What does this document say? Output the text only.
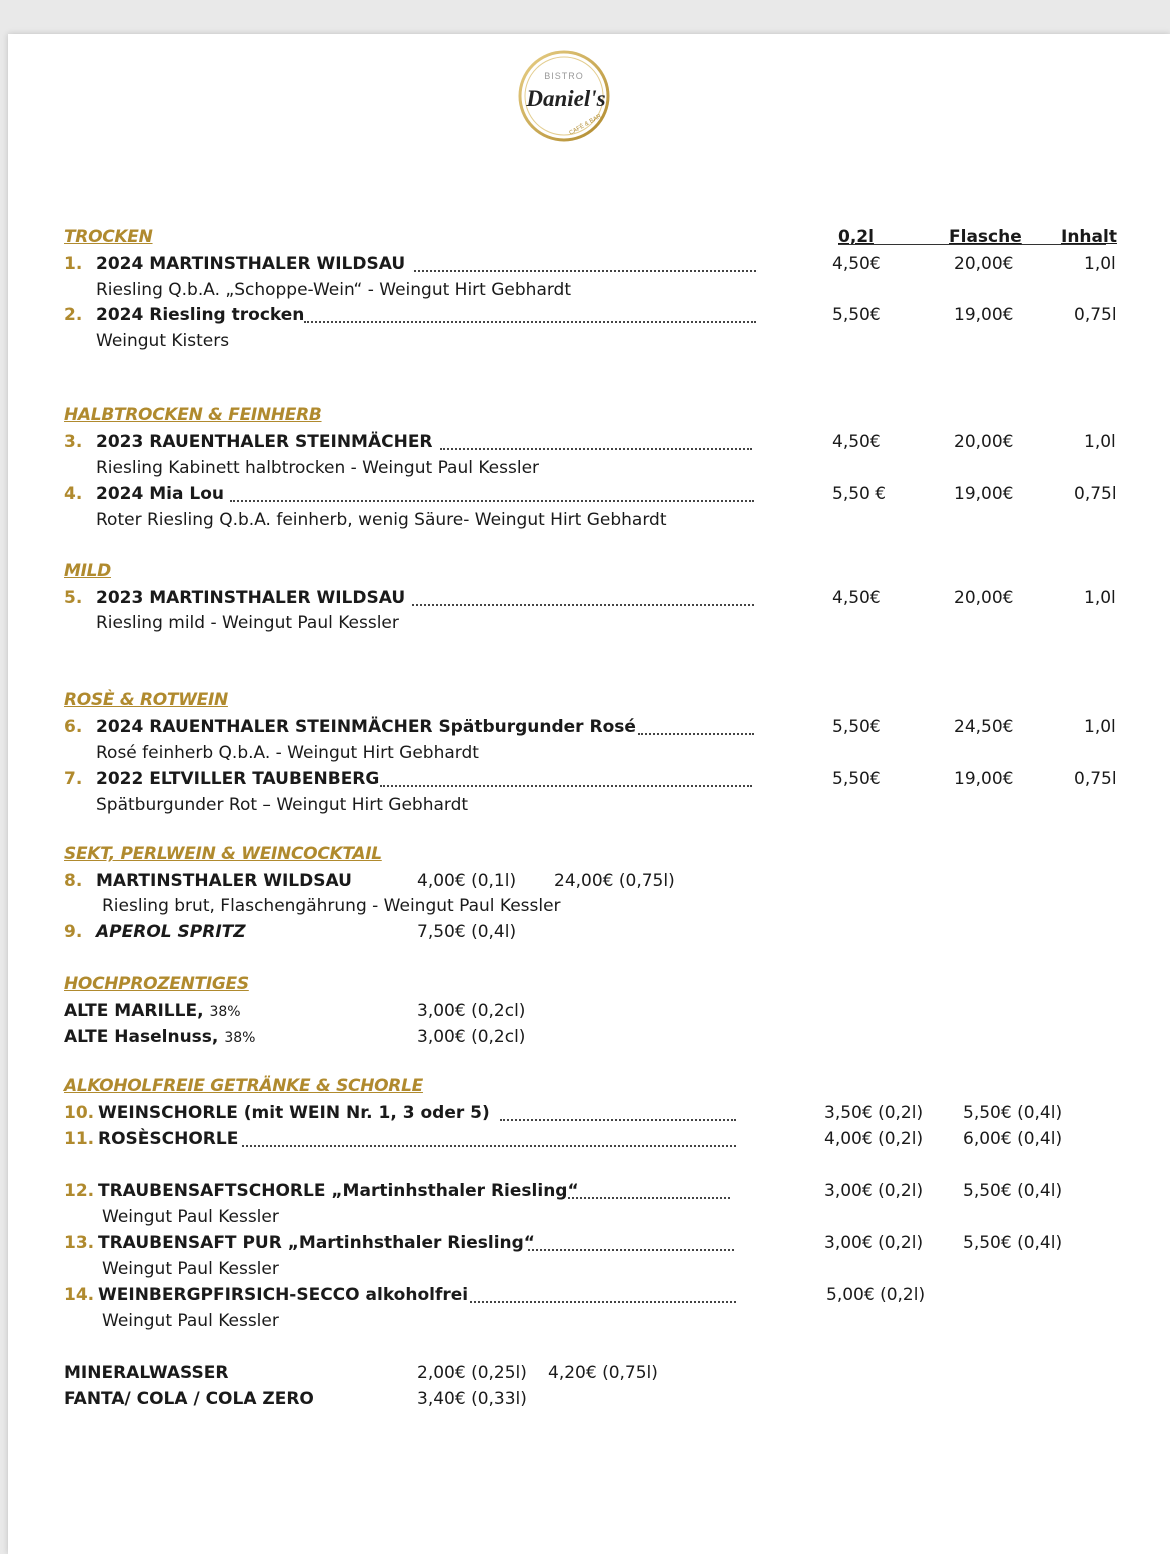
BISTRO
Daniel's
CAFÉ & BAR
0,2l	Flasche Inhalt
TROCKEN
1. 2024 MARTINSTHALER WILDSAU	4,50€	20,00€	1,0l
Riesling Q.b.A. „Schoppe-Wein“ - Weingut Hirt Gebhardt
2. 2024 Riesling trocken	5,50€	19,00€	0,75l
Weingut Kisters
HALBTROCKEN & FEINHERB
3. 2023 RAUENTHALER STEINMÄCHER	4,50€	20,00€	1,0l
Riesling Kabinett halbtrocken - Weingut Paul Kessler
4. 2024 Mia Lou	5,50 €	19,00€	0,75l
Roter Riesling Q.b.A. feinherb, wenig Säure- Weingut Hirt Gebhardt
MILD
5. 2023 MARTINSTHALER WILDSAU	4,50€	20,00€	1,0l
Riesling mild - Weingut Paul Kessler
ROSÈ & ROTWEIN
6. 2024 RAUENTHALER STEINMÄCHER Spätburgunder Rosé	5,50€	24,50€	1,0l
Rosé feinherb Q.b.A. - Weingut Hirt Gebhardt
7. 2022 ELTVILLER TAUBENBERG	5,50€	19,00€	0,75l
Spätburgunder Rot – Weingut Hirt Gebhardt
SEKT, PERLWEIN & WEINCOCKTAIL
8. MARTINSTHALER WILDSAU	4,00€ (0,1l) 24,00€ (0,75l)
Riesling brut, Flaschengährung - Weingut Paul Kessler
9. APEROL SPRITZ	7,50€ (0,4l)
HOCHPROZENTIGES
ALTE MARILLE, 38%	3,00€ (0,2cl)
ALTE Haselnuss, 38%	3,00€ (0,2cl)
ALKOHOLFREIE GETRÄNKE & SCHORLE
10. WEINSCHORLE (mit WEIN Nr. 1, 3 oder 5)	3,50€ (0,2l) 5,50€ (0,4l)
11. ROSÈSCHORLE	4,00€ (0,2l) 6,00€ (0,4l)
12. TRAUBENSAFTSCHORLE „Martinhsthaler Riesling“	3,00€ (0,2l) 5,50€ (0,4l)
Weingut Paul Kessler
13. TRAUBENSAFT PUR „Martinhsthaler Riesling“	3,00€ (0,2l) 5,50€ (0,4l)
Weingut Paul Kessler
14. WEINBERGPFIRSICH-SECCO alkoholfrei	5,00€ (0,2l)
Weingut Paul Kessler
MINERALWASSER	2,00€ (0,25l) 4,20€ (0,75l)
FANTA/ COLA / COLA ZERO	3,40€ (0,33l)
